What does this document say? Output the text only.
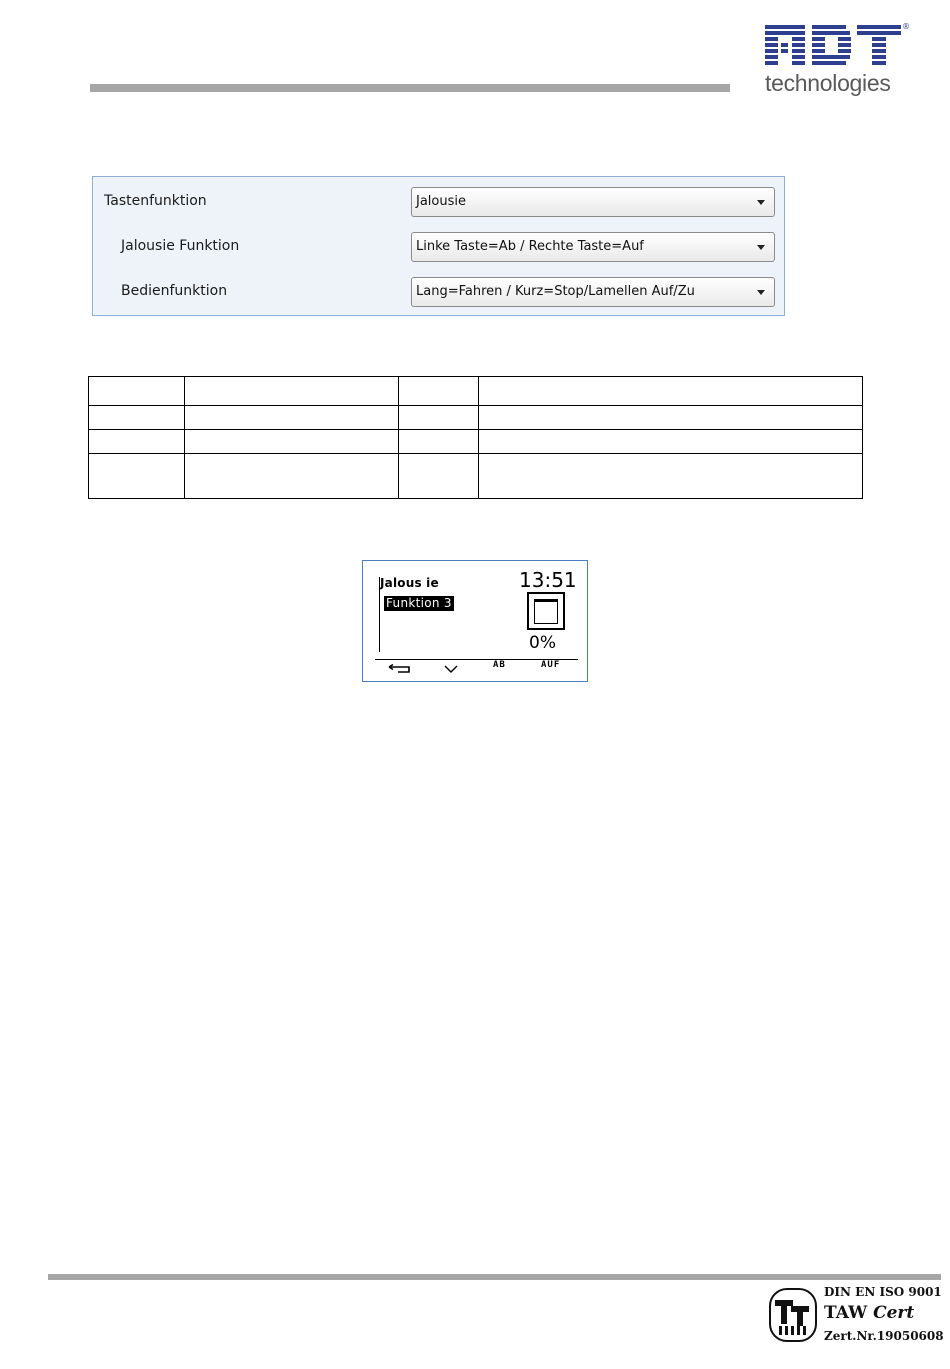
®
technologies
Tastenfunktion	Jalousie
Jalousie Funktion	Linke Taste=Ab / Rechte Taste=Auf
Bedienfunktion	Lang=Fahren / Kurz=Stop/Lamellen Auf/Zu

Jalous ie
Funktion 3
13:51
0%
AB	AUF
DIN EN ISO 9001
TAW Cert
Zert.Nr.19050608
